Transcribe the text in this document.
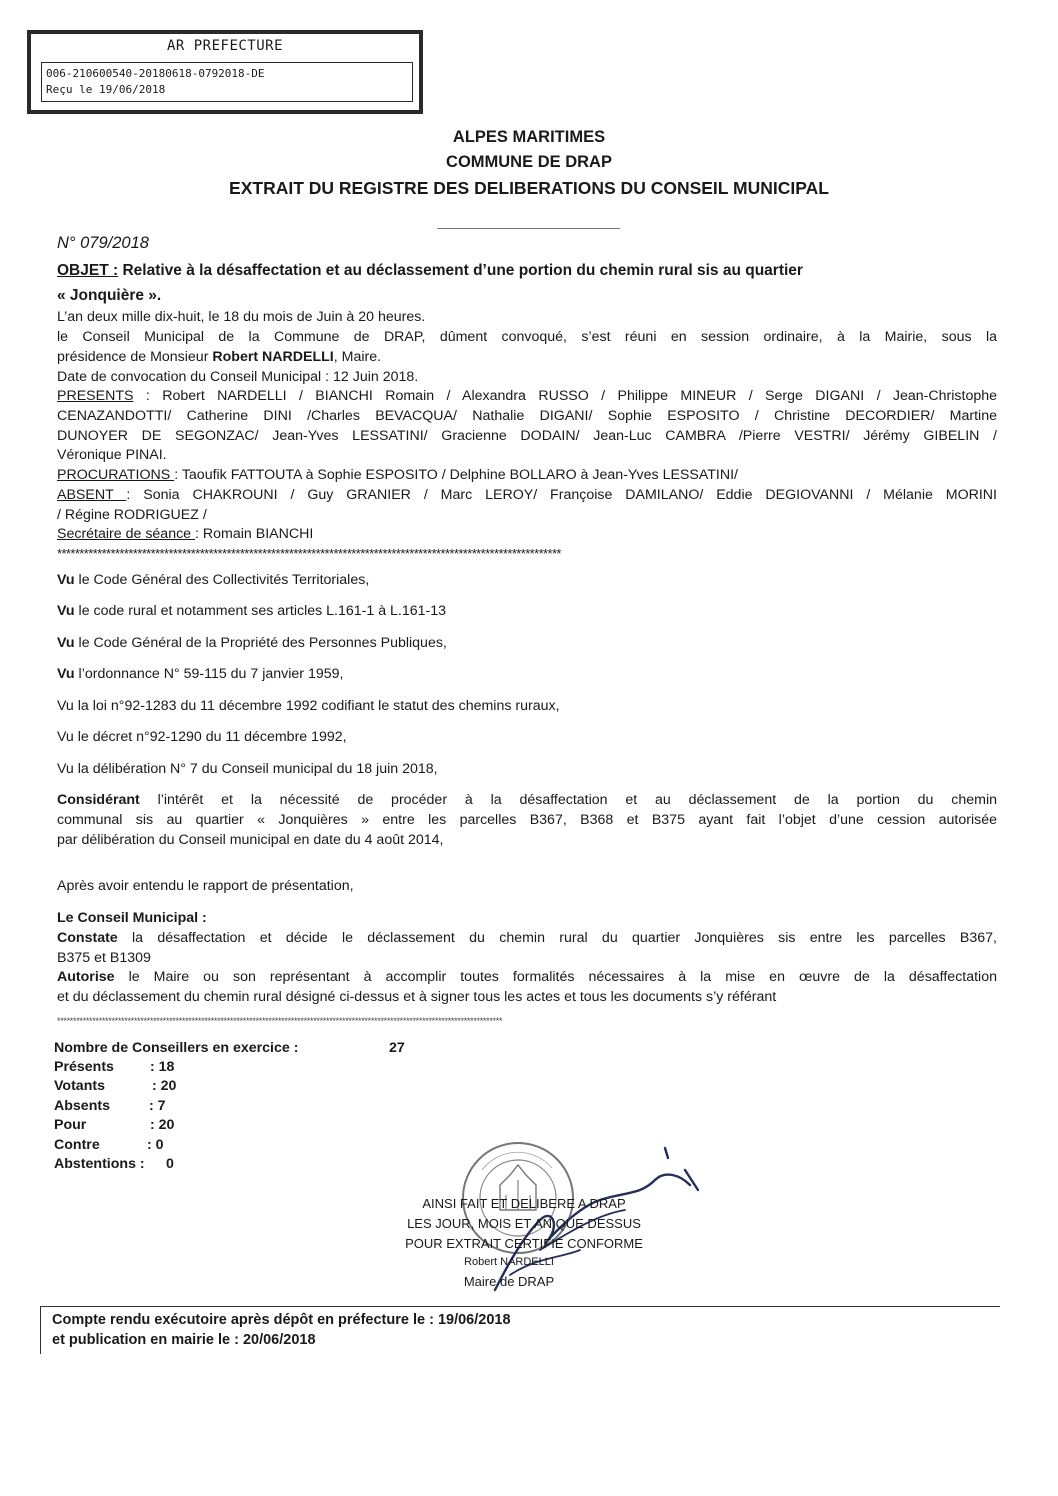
AR PREFECTURE
006-210600540-20180618-0792018-DE
Reçu le 19/06/2018
ALPES MARITIMES
COMMUNE DE DRAP
EXTRAIT DU REGISTRE DES DELIBERATIONS DU CONSEIL MUNICIPAL
N° 079/2018
OBJET : Relative à la désaffectation et au déclassement d’une portion du chemin rural sis au quartier
« Jonquière ».
L’an deux mille dix-huit, le 18 du mois de Juin à 20 heures.
le Conseil Municipal de la Commune de DRAP, dûment convoqué, s’est réuni en session ordinaire, à la Mairie, sous la
présidence de Monsieur Robert NARDELLI, Maire.
Date de convocation du Conseil Municipal : 12 Juin 2018.
PRESENTS : Robert NARDELLI / BIANCHI Romain / Alexandra RUSSO / Philippe MINEUR / Serge DIGANI / Jean-Christophe
CENAZANDOTTI/ Catherine DINI /Charles BEVACQUA/ Nathalie DIGANI/ Sophie ESPOSITO / Christine DECORDIER/ Martine
DUNOYER DE SEGONZAC/ Jean-Yves LESSATINI/ Gracienne DODAIN/ Jean-Luc CAMBRA /Pierre VESTRI/ Jérémy GIBELIN /
Véronique PINAI.
PROCURATIONS : Taoufik FATTOUTA à Sophie ESPOSITO / Delphine BOLLARO à Jean-Yves LESSATINI/
ABSENT : Sonia CHAKROUNI / Guy GRANIER / Marc LEROY/ Françoise DAMILANO/ Eddie DEGIOVANNI / Mélanie MORINI
/ Régine RODRIGUEZ /
Secrétaire de séance : Romain BIANCHI
*****************************************************************************************************************
Vu le Code Général des Collectivités Territoriales,
Vu le code rural et notamment ses articles L.161-1 à L.161-13
Vu le Code Général de la Propriété des Personnes Publiques,
Vu l’ordonnance N° 59-115 du 7 janvier 1959,
Vu la loi n°92-1283 du 11 décembre 1992 codifiant le statut des chemins ruraux,
Vu le décret n°92-1290 du 11 décembre 1992,
Vu la délibération N° 7 du Conseil municipal du 18 juin 2018,
Considérant l’intérêt et la nécessité de procéder à la désaffectation et au déclassement de la portion du chemin
communal sis au quartier « Jonquières » entre les parcelles B367, B368 et B375 ayant fait l’objet d’une cession autorisée
par délibération du Conseil municipal en date du 4 août 2014,
Après avoir entendu le rapport de présentation,
Le Conseil Municipal :
Constate la désaffectation et décide le déclassement du chemin rural du quartier Jonquières sis entre les parcelles B367,
B375 et B1309
Autorise le Maire ou son représentant à accomplir toutes formalités nécessaires à la mise en œuvre de la désaffectation
et du déclassement du chemin rural désigné ci-dessus et à signer tous les actes et tous les documents s’y référant
*******************************************************************************************************************************************
Nombre de Conseillers en exercice :	27
Présents	: 18
Votants	: 20
Absents	: 7
Pour	: 20
Contre	: 0
Abstentions : 0
AINSI FAIT ET DELIBERE A DRAP
LES JOUR, MOIS ET AN QUE DESSUS
POUR EXTRAIT CERTIFIE CONFORME
Robert NARDELLI
Maire de DRAP
Compte rendu exécutoire après dépôt en préfecture le : 19/06/2018
et publication en mairie le : 20/06/2018
